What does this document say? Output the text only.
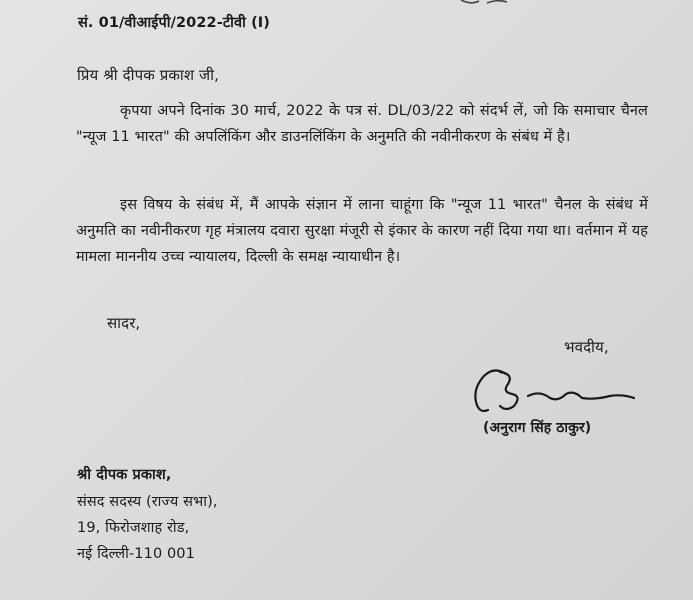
सं. 01/वीआईपी/2022-टीवी (I)
प्रिय श्री दीपक प्रकाश जी,
कृपया अपने दिनांक 30 मार्च, 2022 के पत्र सं. DL/03/22 को संदर्भ लें, जो कि समाचार चैनल "न्यूज 11 भारत" की अपलिंकिंग और डाउनलिंकिंग के अनुमति की नवीनीकरण के संबंध में है।
इस विषय के संबंध में, मैं आपके संज्ञान में लाना चाहूंगा कि "न्यूज 11 भारत" चैनल के संबंध में अनुमति का नवीनीकरण गृह मंत्रालय दवारा सुरक्षा मंजूरी से इंकार के कारण नहीं दिया गया था। वर्तमान में यह मामला माननीय उच्च न्यायालय, दिल्ली के समक्ष न्यायाधीन है।
सादर,
भवदीय,
(अनुराग सिंह ठाकुर)
श्री दीपक प्रकाश,
संसद सदस्य (राज्य सभा),
19, फिरोजशाह रोड,
नई दिल्ली-110 001
